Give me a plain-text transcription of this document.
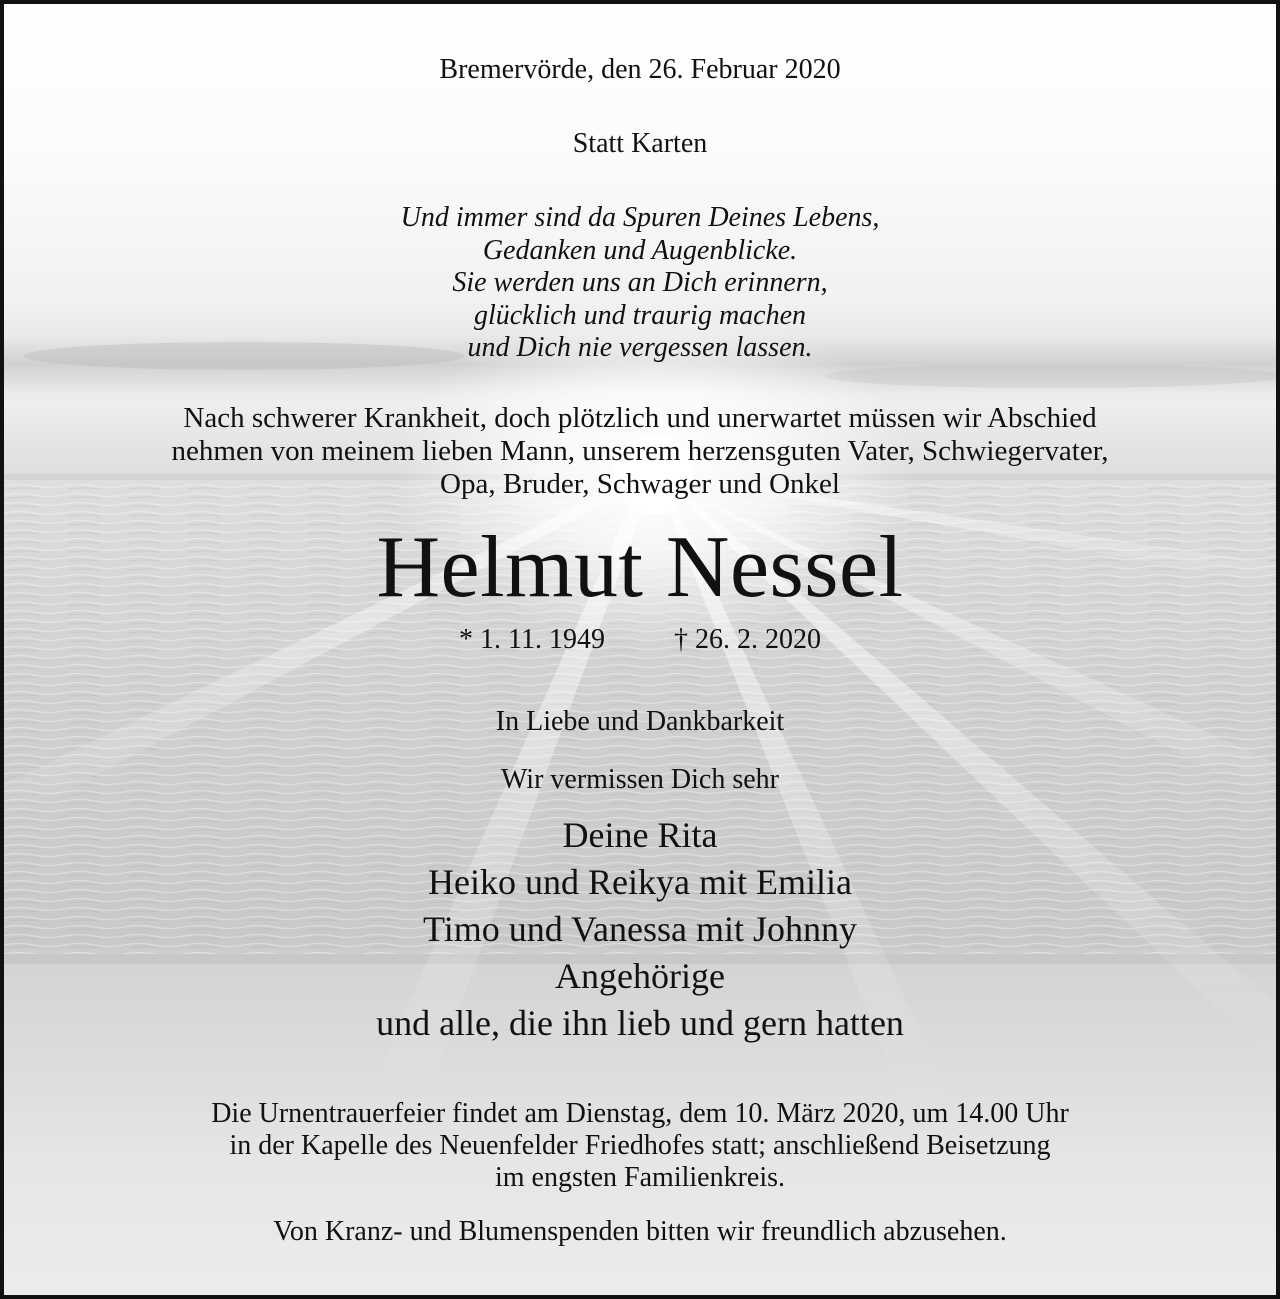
Bremervörde, den 26. Februar 2020
Statt Karten
Und immer sind da Spuren Deines Lebens,
Gedanken und Augenblicke.
Sie werden uns an Dich erinnern,
glücklich und traurig machen
und Dich nie vergessen lassen.
Nach schwerer Krankheit, doch plötzlich und unerwartet müssen wir Abschied
nehmen von meinem lieben Mann, unserem herzensguten Vater, Schwiegervater,
Opa, Bruder, Schwager und Onkel
Helmut Nessel
* 1. 11. 1949 † 26. 2. 2020
In Liebe und Dankbarkeit
Wir vermissen Dich sehr
Deine Rita
Heiko und Reikya mit Emilia
Timo und Vanessa mit Johnny
Angehörige
und alle, die ihn lieb und gern hatten
Die Urnentrauerfeier findet am Dienstag, dem 10. März 2020, um 14.00 Uhr
in der Kapelle des Neuenfelder Friedhofes statt; anschließend Beisetzung
im engsten Familienkreis.
Von Kranz- und Blumenspenden bitten wir freundlich abzusehen.
